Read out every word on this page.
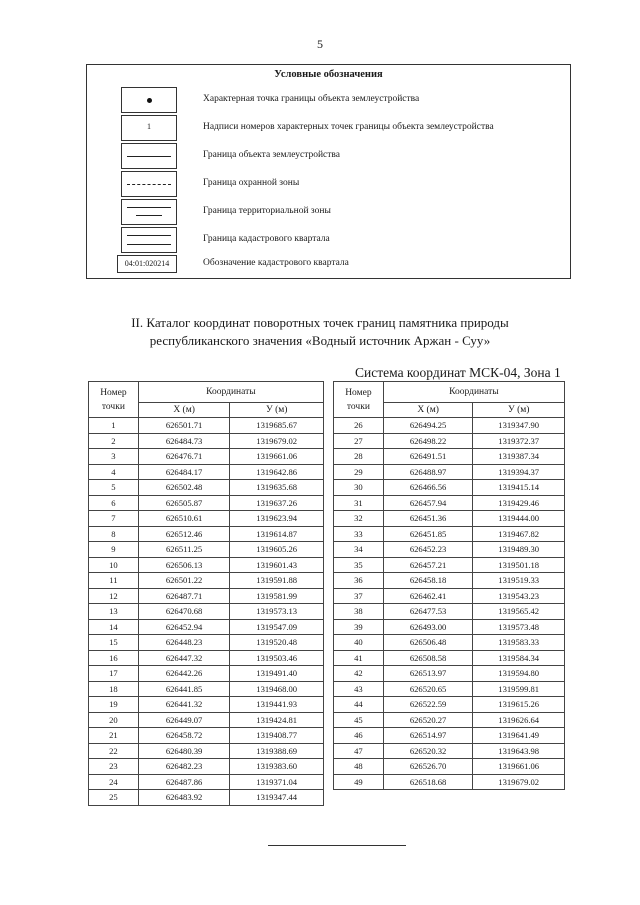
5
Условные обозначения
Характерная точка границы объекта землеустройства
1
Надписи номеров характерных точек границы объекта землеустройства
Граница объекта землеустройства
Граница охранной зоны
Граница территориальной зоны
Граница кадастрового квартала
04:01:020214	Обозначение кадастрового квартала
II. Каталог координат поворотных точек границ памятника природы
республиканского значения «Водный источник Аржан - Суу»
Система координат МСК-04, Зона 1
Номер точки	Координаты	
	X (м)	У (м)
1	626501.71	1319685.67
2	626484.73	1319679.02
3	626476.71	1319661.06
4	626484.17	1319642.86
5	626502.48	1319635.68
6	626505.87	1319637.26
7	626510.61	1319623.94
8	626512.46	1319614.87
9	626511.25	1319605.26
10	626506.13	1319601.43
11	626501.22	1319591.88
12	626487.71	1319581.99
13	626470.68	1319573.13
14	626452.94	1319547.09
15	626448.23	1319520.48
16	626447.32	1319503.46
17	626442.26	1319491.40
18	626441.85	1319468.00
19	626441.32	1319441.93
20	626449.07	1319424.81
21	626458.72	1319408.77
22	626480.39	1319388.69
23	626482.23	1319383.60
24	626487.86	1319371.04
25	626483.92	1319347.44
Номер точки	Координаты	
	X (м)	У (м)
26	626494.25	1319347.90
27	626498.22	1319372.37
28	626491.51	1319387.34
29	626488.97	1319394.37
30	626466.56	1319415.14
31	626457.94	1319429.46
32	626451.36	1319444.00
33	626451.85	1319467.82
34	626452.23	1319489.30
35	626457.21	1319501.18
36	626458.18	1319519.33
37	626462.41	1319543.23
38	626477.53	1319565.42
39	626493.00	1319573.48
40	626506.48	1319583.33
41	626508.58	1319584.34
42	626513.97	1319594.80
43	626520.65	1319599.81
44	626522.59	1319615.26
45	626520.27	1319626.64
46	626514.97	1319641.49
47	626520.32	1319643.98
48	626526.70	1319661.06
49	626518.68	1319679.02
